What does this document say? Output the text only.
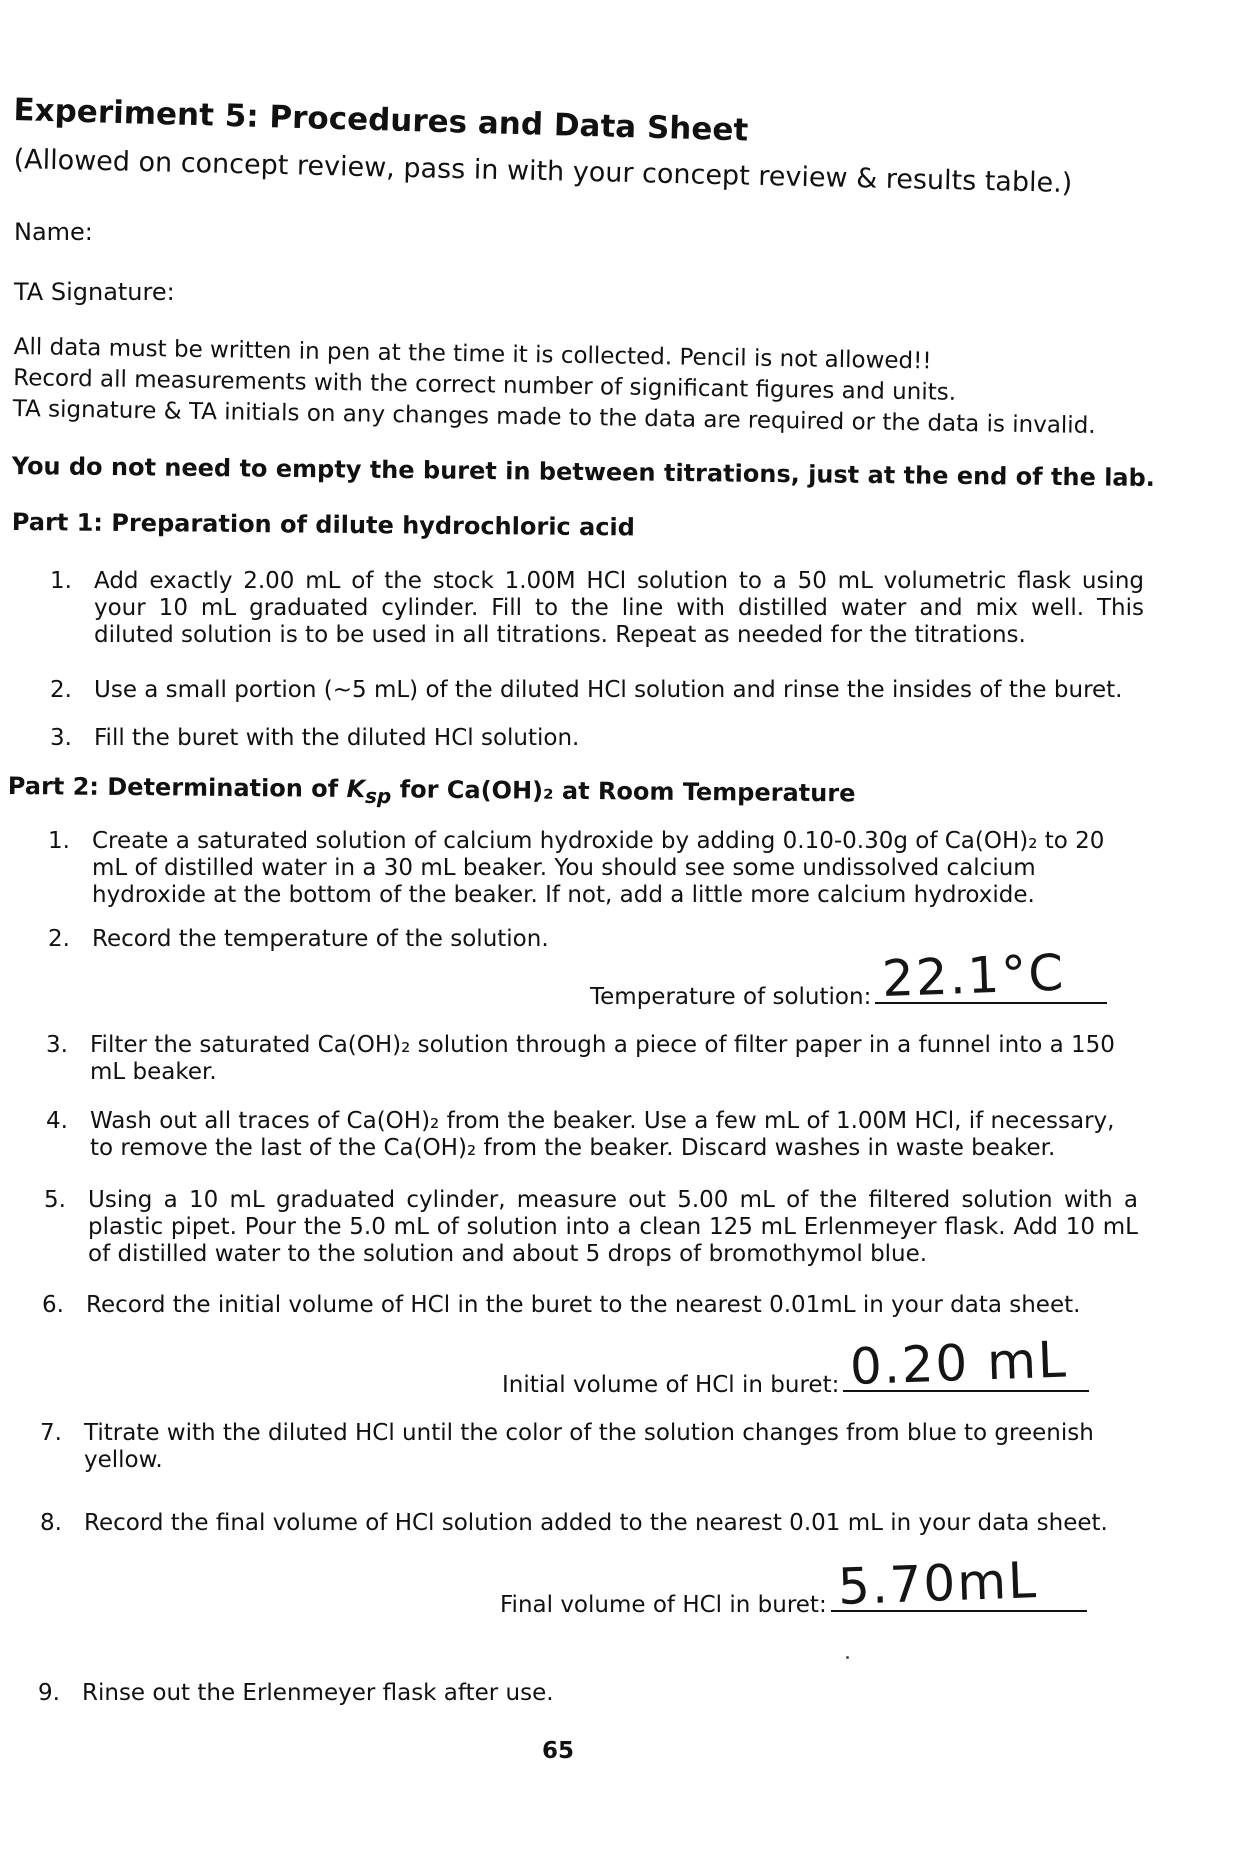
Experiment 5: Procedures and Data Sheet
(Allowed on concept review, pass in with your concept review & results table.)
Name:
TA Signature:
All data must be written in pen at the time it is collected. Pencil is not allowed!!
Record all measurements with the correct number of significant figures and units.
TA signature & TA initials on any changes made to the data are required or the data is invalid.
You do not need to empty the buret in between titrations, just at the end of the lab.
Part 1: Preparation of dilute hydrochloric acid
1. Add exactly 2.00 mL of the stock 1.00M HCl solution to a 50 mL volumetric flask using your 10 mL graduated cylinder. Fill to the line with distilled water and mix well. This diluted solution is to be used in all titrations. Repeat as needed for the titrations.
2. Use a small portion (~5 mL) of the diluted HCl solution and rinse the insides of the buret.
3. Fill the buret with the diluted HCl solution.
Part 2: Determination of $K_{sp}$ for Ca(OH)₂ at Room Temperature
1. Create a saturated solution of calcium hydroxide by adding 0.10-0.30g of Ca(OH)₂ to 20 mL of distilled water in a 30 mL beaker. You should see some undissolved calcium hydroxide at the bottom of the beaker. If not, add a little more calcium hydroxide.
2. Record the temperature of the solution.
Temperature of solution: 22.1°C
3. Filter the saturated Ca(OH)₂ solution through a piece of filter paper in a funnel into a 150 mL beaker.
4. Wash out all traces of Ca(OH)₂ from the beaker. Use a few mL of 1.00M HCl, if necessary, to remove the last of the Ca(OH)₂ from the beaker. Discard washes in waste beaker.
5. Using a 10 mL graduated cylinder, measure out 5.00 mL of the filtered solution with a plastic pipet. Pour the 5.0 mL of solution into a clean 125 mL Erlenmeyer flask. Add 10 mL of distilled water to the solution and about 5 drops of bromothymol blue.
6. Record the initial volume of HCl in the buret to the nearest 0.01mL in your data sheet.
Initial volume of HCl in buret: 0.20 mL
7. Titrate with the diluted HCl until the color of the solution changes from blue to greenish yellow.
8. Record the final volume of HCl solution added to the nearest 0.01 mL in your data sheet.
Final volume of HCl in buret: 5.70mL
9. Rinse out the Erlenmeyer flask after use.
65
